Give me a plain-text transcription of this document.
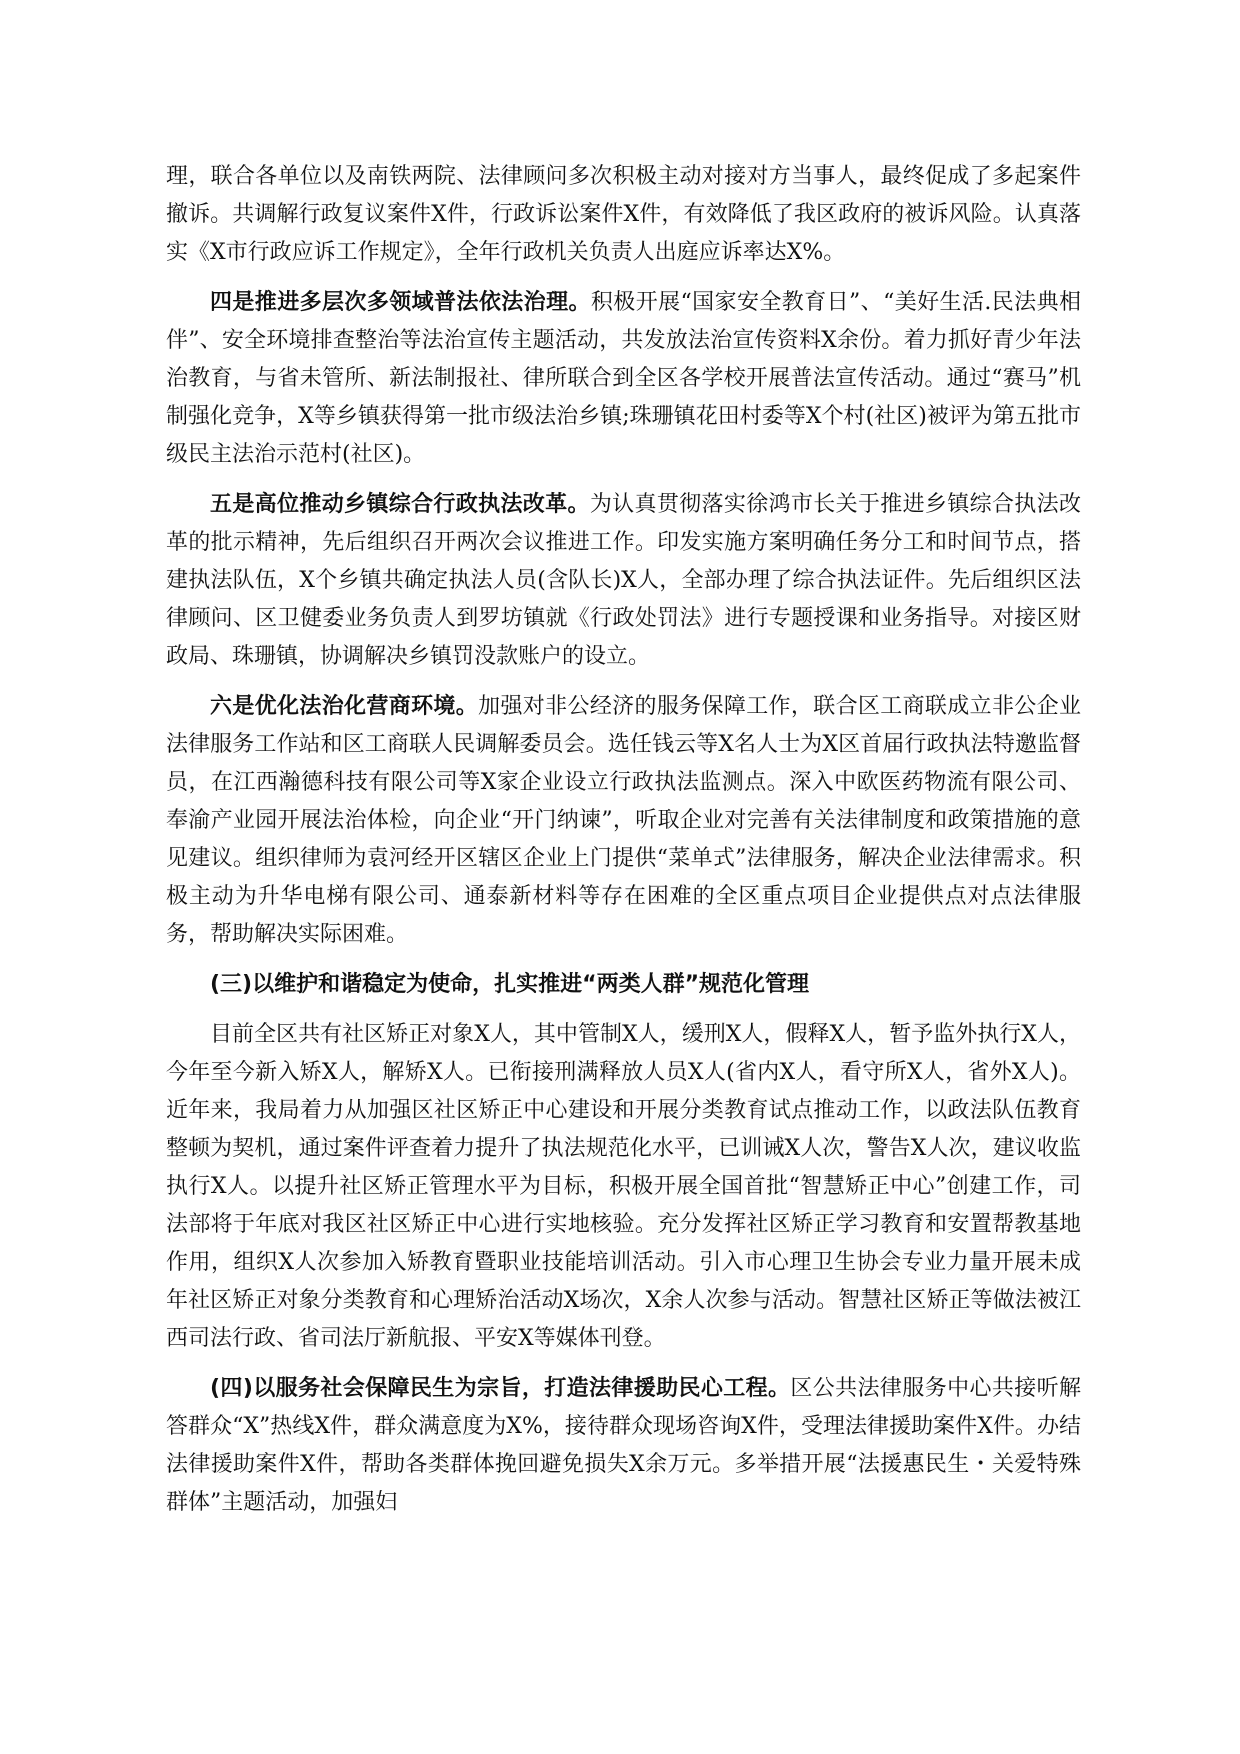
理，联合各单位以及南铁两院、法律顾问多次积极主动对接对方当事人，最终促成了多起案件撤诉。共调解行政复议案件X件，行政诉讼案件X件，有效降低了我区政府的被诉风险。认真落实《X市行政应诉工作规定》，全年行政机关负责人出庭应诉率达X%。

四是推进多层次多领域普法依法治理。积极开展“国家安全教育日”、“美好生活.民法典相伴”、安全环境排查整治等法治宣传主题活动，共发放法治宣传资料X余份。着力抓好青少年法治教育，与省未管所、新法制报社、律所联合到全区各学校开展普法宣传活动。通过“赛马”机制强化竞争，X等乡镇获得第一批市级法治乡镇;珠珊镇花田村委等X个村(社区)被评为第五批市级民主法治示范村(社区)。

五是高位推动乡镇综合行政执法改革。为认真贯彻落实徐鸿市长关于推进乡镇综合执法改革的批示精神，先后组织召开两次会议推进工作。印发实施方案明确任务分工和时间节点，搭建执法队伍，X个乡镇共确定执法人员(含队长)X人，全部办理了综合执法证件。先后组织区法律顾问、区卫健委业务负责人到罗坊镇就《行政处罚法》进行专题授课和业务指导。对接区财政局、珠珊镇，协调解决乡镇罚没款账户的设立。

六是优化法治化营商环境。加强对非公经济的服务保障工作，联合区工商联成立非公企业法律服务工作站和区工商联人民调解委员会。选任钱云等X名人士为X区首届行政执法特邀监督员，在江西瀚德科技有限公司等X家企业设立行政执法监测点。深入中欧医药物流有限公司、奉渝产业园开展法治体检，向企业“开门纳谏”，听取企业对完善有关法律制度和政策措施的意见建议。组织律师为袁河经开区辖区企业上门提供“菜单式”法律服务，解决企业法律需求。积极主动为升华电梯有限公司、通泰新材料等存在困难的全区重点项目企业提供点对点法律服务，帮助解决实际困难。

(三)以维护和谐稳定为使命，扎实推进“两类人群”规范化管理

目前全区共有社区矫正对象X人，其中管制X人，缓刑X人，假释X人，暂予监外执行X人，今年至今新入矫X人，解矫X人。已衔接刑满释放人员X人(省内X人，看守所X人，省外X人)。近年来，我局着力从加强区社区矫正中心建设和开展分类教育试点推动工作，以政法队伍教育整顿为契机，通过案件评查着力提升了执法规范化水平，已训诫X人次，警告X人次，建议收监执行X人。以提升社区矫正管理水平为目标，积极开展全国首批“智慧矫正中心”创建工作，司法部将于年底对我区社区矫正中心进行实地核验。充分发挥社区矫正学习教育和安置帮教基地作用，组织X人次参加入矫教育暨职业技能培训活动。引入市心理卫生协会专业力量开展未成年社区矫正对象分类教育和心理矫治活动X场次，X余人次参与活动。智慧社区矫正等做法被江西司法行政、省司法厅新航报、平安X等媒体刊登。

(四)以服务社会保障民生为宗旨，打造法律援助民心工程。区公共法律服务中心共接听解答群众“X”热线X件，群众满意度为X%，接待群众现场咨询X件，受理法律援助案件X件。办结法律援助案件X件，帮助各类群体挽回避免损失X余万元。多举措开展“法援惠民生・关爱特殊群体”主题活动，加强妇
